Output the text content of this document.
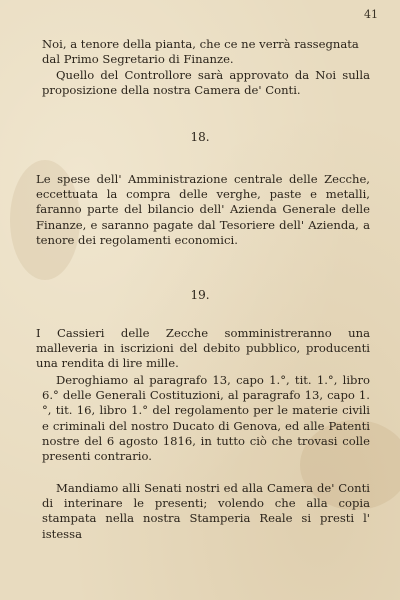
41
Noi, a tenore della pianta, che ce ne verrà rassegnata
dal Primo Segretario di Finanze.
Quello del Controllore sarà approvato da Noi sulla proposizione della nostra Camera de' Conti.
18.
Le spese dell' Amministrazione centrale delle Zecche, eccettuata la compra delle verghe, paste e metalli, faranno parte del bilancio dell' Azienda Generale delle Finanze, e saranno pagate dal Tesoriere dell' Azienda, a tenore dei regolamenti economici.
19.
I Cassieri delle Zecche somministreranno una malleveria in iscrizioni del debito pubblico, producenti una rendita di lire mille.
Deroghiamo al paragrafo 13, capo 1.°, tit. 1.°, libro 6.° delle Generali Costituzioni, al paragrafo 13, capo 1.°, tit. 16, libro 1.° del regolamento per le materie civili e criminali del nostro Ducato di Genova, ed alle Patenti nostre del 6 agosto 1816, in tutto ciò che trovasi colle presenti contrario.
Mandiamo alli Senati nostri ed alla Camera de' Conti di interinare le presenti; volendo che alla copia stampata nella nostra Stamperia Reale si presti l' istessa
